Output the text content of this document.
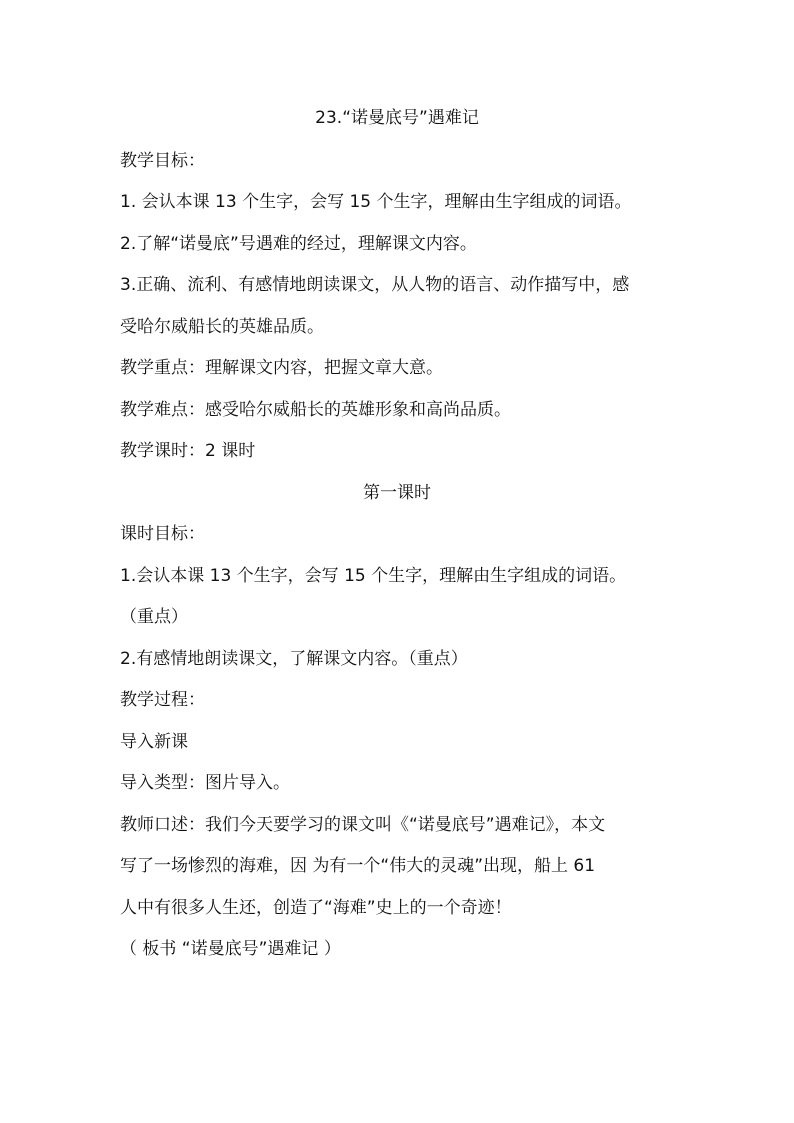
23.“诺曼底号”遇难记
教学目标：
1. 会认本课 13 个生字，会写 15 个生字，理解由生字组成的词语。
2.了解“诺曼底”号遇难的经过，理解课文内容。
3.正确、流利、有感情地朗读课文，从人物的语言、动作描写中，感
受哈尔威船长的英雄品质。
教学重点：理解课文内容，把握文章大意。
教学难点：感受哈尔威船长的英雄形象和高尚品质。
教学课时：2 课时
第一课时
课时目标：
1.会认本课 13 个生字，会写 15 个生字，理解由生字组成的词语。
（重点）
2.有感情地朗读课文，了解课文内容。（重点）
教学过程：
导入新课
导入类型：图片导入。
教师口述：我们今天要学习的课文叫《“诺曼底号”遇难记》，本文
写了一场惨烈的海难，因 为有一个“伟大的灵魂”出现，船上 61
人中有很多人生还，创造了“海难”史上的一个奇迹！
（ 板书 “诺曼底号”遇难记 ）
